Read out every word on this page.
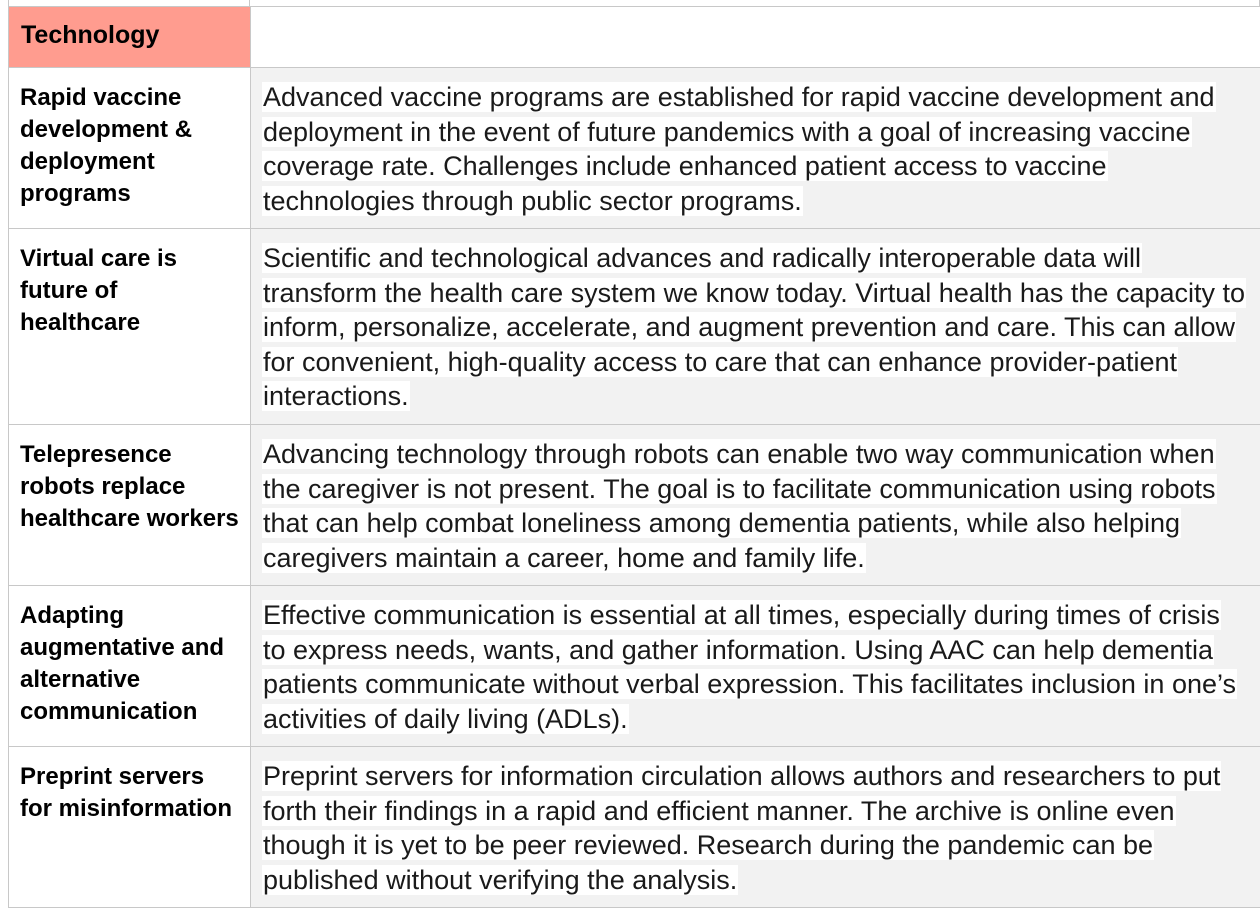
Technology	
Rapid vaccine development & deployment programs	Advanced vaccine programs are established for rapid vaccine development and deployment in the event of future pandemics with a goal of increasing vaccine coverage rate. Challenges include enhanced patient access to vaccine technologies through public sector programs.
Virtual care is future of healthcare	Scientific and technological advances and radically interoperable data will transform the health care system we know today. Virtual health has the capacity to inform, personalize, accelerate, and augment prevention and care. This can allow for convenient, high-quality access to care that can enhance provider-patient interactions.
Telepresence robots replace healthcare workers	Advancing technology through robots can enable two way communication when the caregiver is not present. The goal is to facilitate communication using robots that can help combat loneliness among dementia patients, while also helping caregivers maintain a career, home and family life.
Adapting augmentative and alternative communication	Effective communication is essential at all times, especially during times of crisis to express needs, wants, and gather information. Using AAC can help dementia patients communicate without verbal expression. This facilitates inclusion in one’s activities of daily living (ADLs).
Preprint servers for misinformation	Preprint servers for information circulation allows authors and researchers to put forth their findings in a rapid and efficient manner. The archive is online even though it is yet to be peer reviewed. Research during the pandemic can be published without verifying the analysis.
